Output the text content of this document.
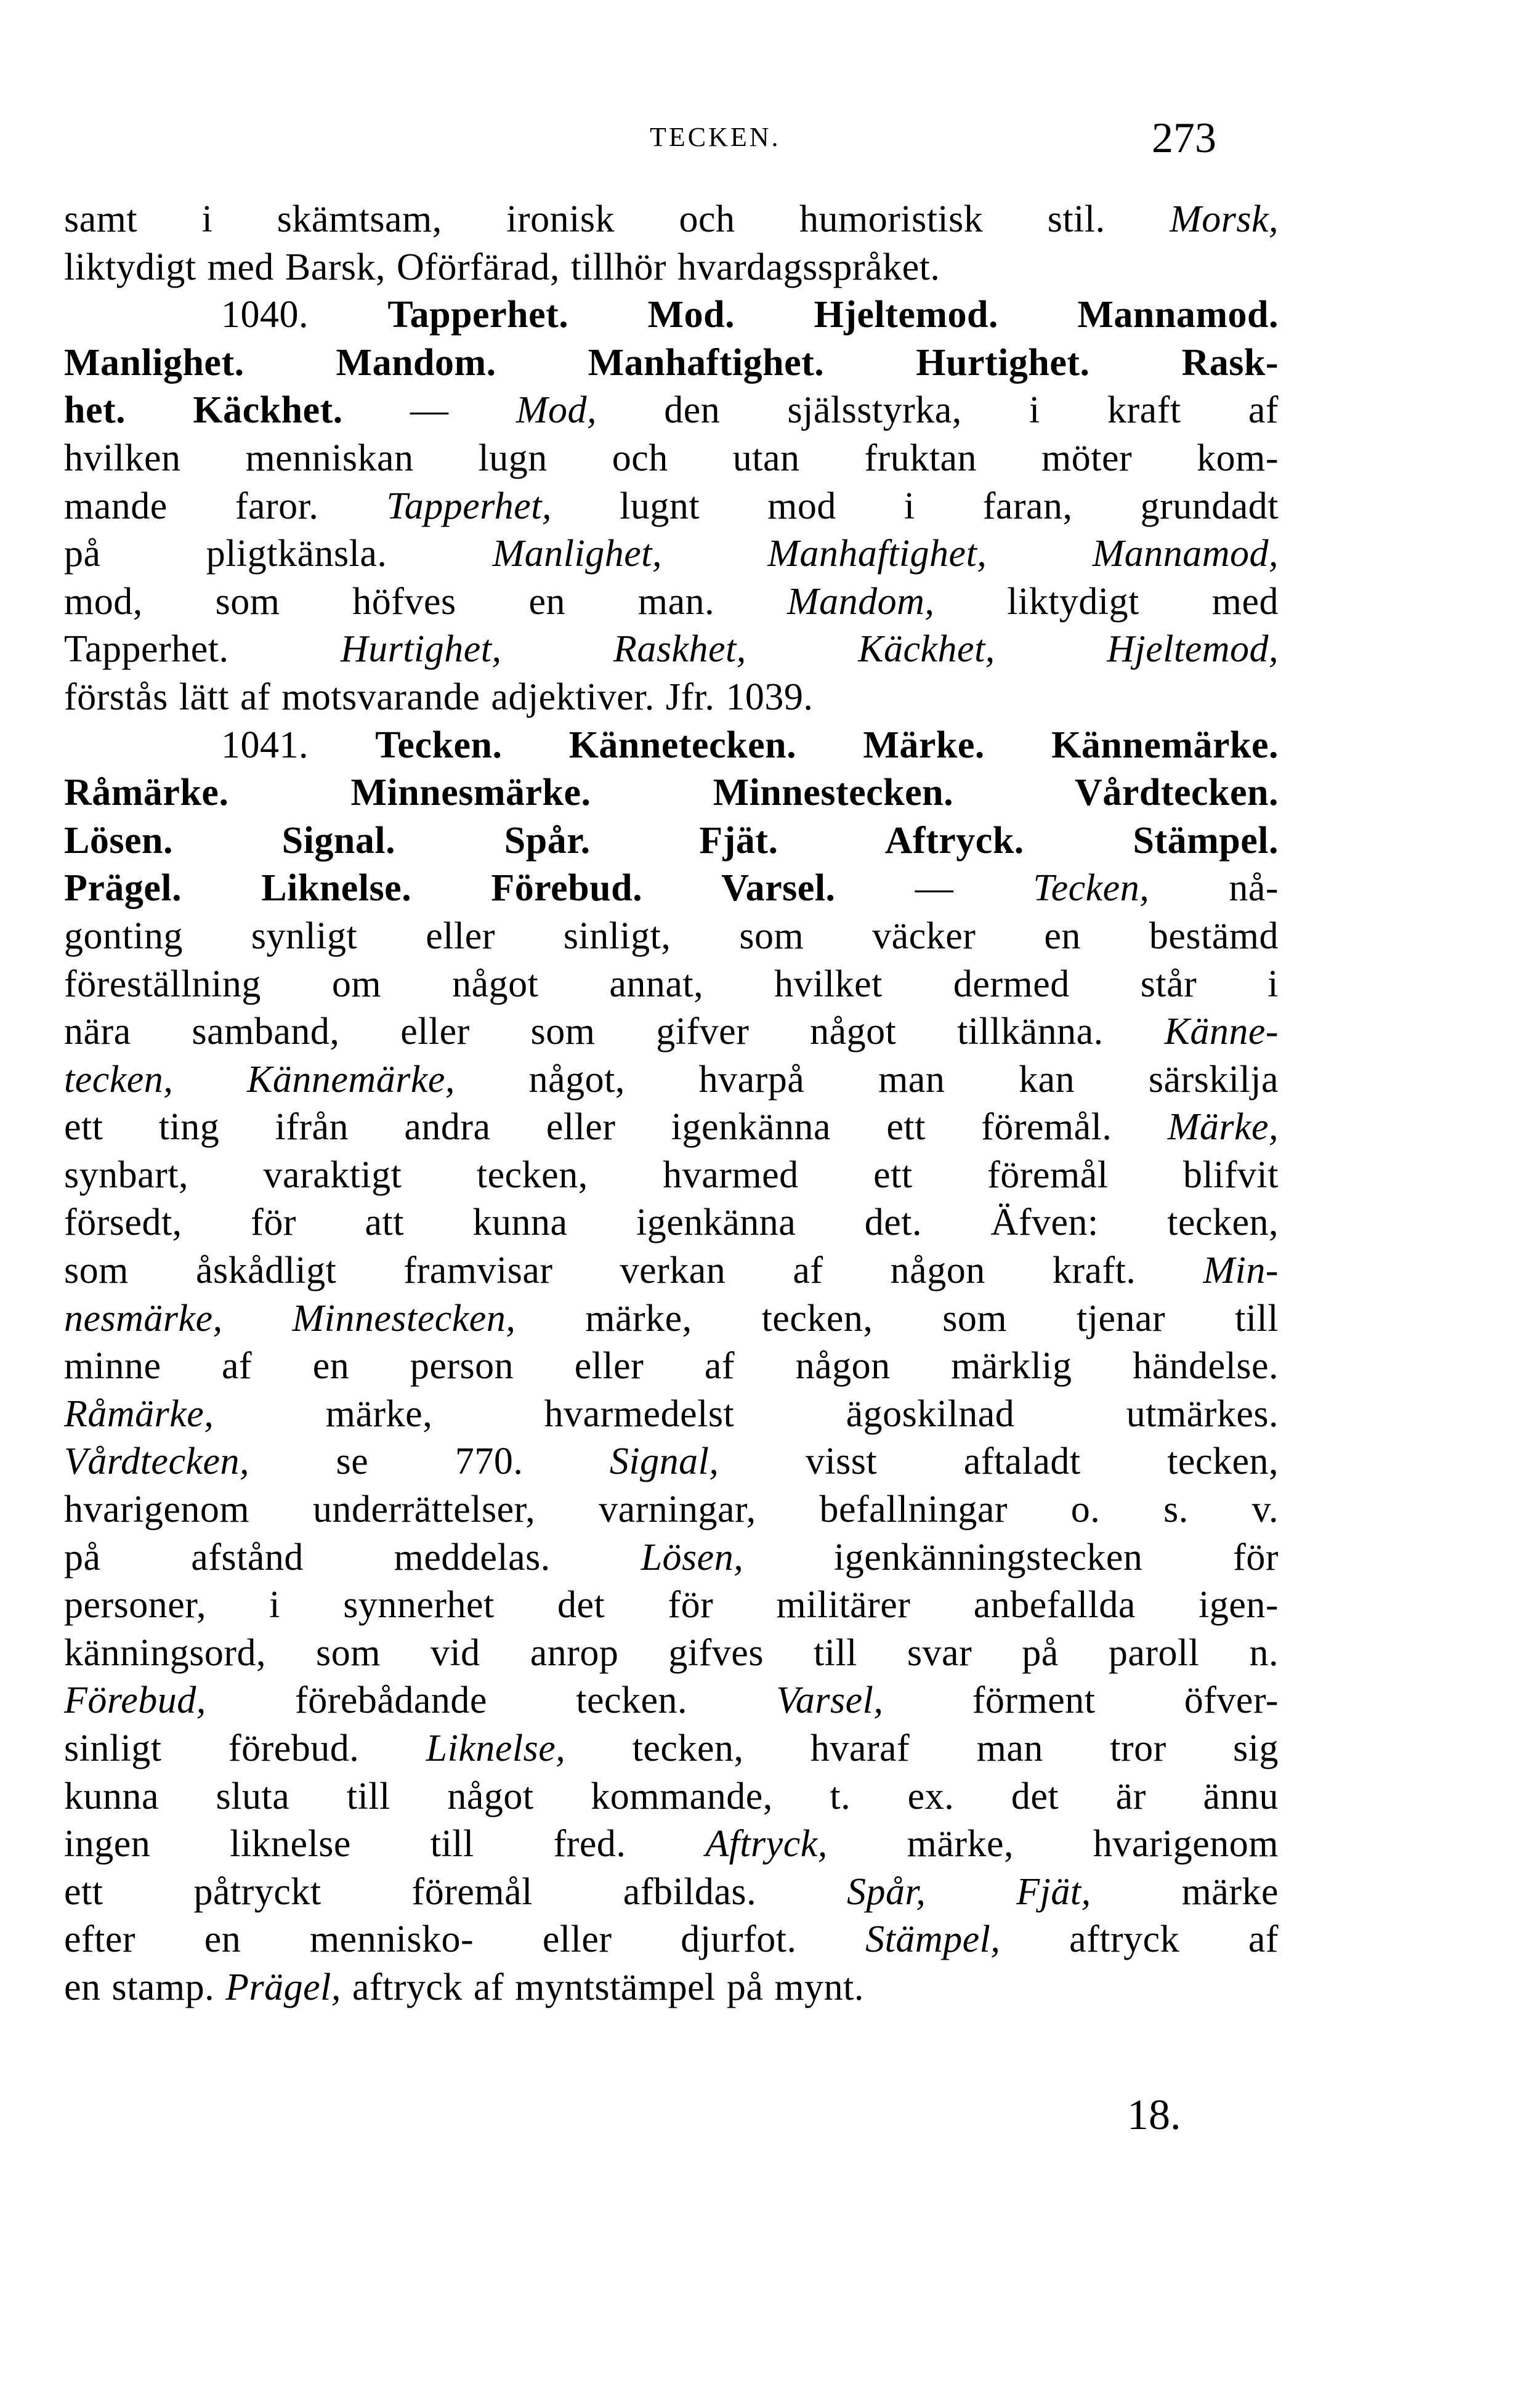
TECKEN.	273
samt i skämtsam, ironisk och humoristisk stil. Morsk,
liktydigt med Barsk, Oförfärad, tillhör hvardagsspråket.
1040. Tapperhet. Mod. Hjeltemod. Mannamod.
Manlighet. Mandom. Manhaftighet. Hurtighet. Rask-
het. Käckhet. — Mod, den själsstyrka, i kraft af
hvilken menniskan lugn och utan fruktan möter kom-
mande faror. Tapperhet, lugnt mod i faran, grundadt
på pligtkänsla. Manlighet, Manhaftighet, Mannamod,
mod, som höfves en man. Mandom, liktydigt med
Tapperhet. Hurtighet, Raskhet, Käckhet, Hjeltemod,
förstås lätt af motsvarande adjektiver. Jfr. 1039.
1041. Tecken. Kännetecken. Märke. Kännemärke.
Råmärke. Minnesmärke. Minnestecken. Vårdtecken.
Lösen. Signal. Spår. Fjät. Aftryck. Stämpel.
Prägel. Liknelse. Förebud. Varsel. — Tecken, nå-
gonting synligt eller sinligt, som väcker en bestämd
föreställning om något annat, hvilket dermed står i
nära samband, eller som gifver något tillkänna. Känne-
tecken, Kännemärke, något, hvarpå man kan särskilja
ett ting ifrån andra eller igenkänna ett föremål. Märke,
synbart, varaktigt tecken, hvarmed ett föremål blifvit
försedt, för att kunna igenkänna det. Äfven: tecken,
som åskådligt framvisar verkan af någon kraft. Min-
nesmärke, Minnestecken, märke, tecken, som tjenar till
minne af en person eller af någon märklig händelse.
Råmärke, märke, hvarmedelst ägoskilnad utmärkes.
Vårdtecken, se 770. Signal, visst aftaladt tecken,
hvarigenom underrättelser, varningar, befallningar o. s. v.
på afstånd meddelas. Lösen, igenkänningstecken för
personer, i synnerhet det för militärer anbefallda igen-
känningsord, som vid anrop gifves till svar på paroll n.
Förebud, förebådande tecken. Varsel, förment öfver-
sinligt förebud. Liknelse, tecken, hvaraf man tror sig
kunna sluta till något kommande, t. ex. det är ännu
ingen liknelse till fred. Aftryck, märke, hvarigenom
ett påtryckt föremål afbildas. Spår, Fjät, märke
efter en mennisko- eller djurfot. Stämpel, aftryck af
en stamp. Prägel, aftryck af myntstämpel på mynt.
18.
